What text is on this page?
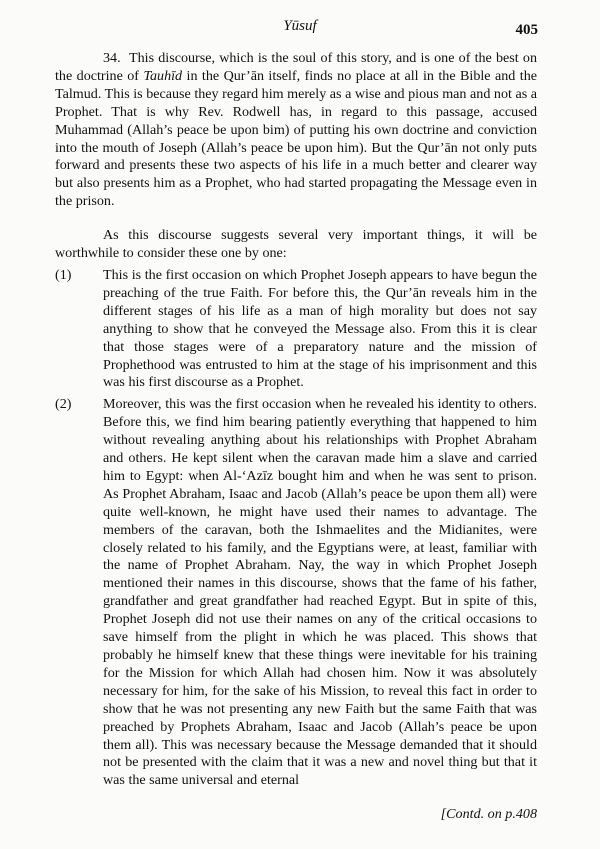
Yūsuf	405

34. This discourse, which is the soul of this story, and is one of the best on the doctrine of Tauhīd in the Qur’ān itself, finds no place at all in the Bible and the Talmud. This is because they regard him merely as a wise and pious man and not as a Prophet. That is why Rev. Rodwell has, in regard to this passage, accused Muhammad (Allah’s peace be upon bim) of putting his own doctrine and conviction into the mouth of Joseph (Allah’s peace be upon him). But the Qur’ān not only puts forward and presents these two aspects of his life in a much better and clearer way but also presents him as a Prophet, who had started propagating the Message even in the prison.

As this discourse suggests several very important things, it will be worthwhile to consider these one by one:

(1)	This is the first occasion on which Prophet Joseph appears to have begun the preaching of the true Faith. For before this, the Qur’ān reveals him in the different stages of his life as a man of high morality but does not say anything to show that he conveyed the Message also. From this it is clear that those stages were of a preparatory nature and the mission of Prophethood was entrusted to him at the stage of his imprisonment and this was his first discourse as a Prophet.
(2)	Moreover, this was the first occasion when he revealed his identity to others. Before this, we find him bearing patiently everything that happened to him without revealing anything about his relationships with Prophet Abraham and others. He kept silent when the caravan made him a slave and carried him to Egypt: when Al-‘Azīz bought him and when he was sent to prison. As Prophet Abraham, Isaac and Jacob (Allah’s peace be upon them all) were quite well-known, he might have used their names to advantage. The members of the caravan, both the Ishmaelites and the Midianites, were closely related to his family, and the Egyptians were, at least, familiar with the name of Prophet Abraham. Nay, the way in which Prophet Joseph mentioned their names in this discourse, shows that the fame of his father, grandfather and great grandfather had reached Egypt. But in spite of this, Prophet Joseph did not use their names on any of the critical occasions to save himself from the plight in which he was placed. This shows that probably he himself knew that these things were inevitable for his training for the Mission for which Allah had chosen him. Now it was absolutely necessary for him, for the sake of his Mission, to reveal this fact in order to show that he was not presenting any new Faith but the same Faith that was preached by Prophets Abraham, Isaac and Jacob (Allah’s peace be upon them all). This was necessary because the Message demanded that it should not be presented with the claim that it was a new and novel thing but that it was the same universal and eternal
[Contd. on p.408
